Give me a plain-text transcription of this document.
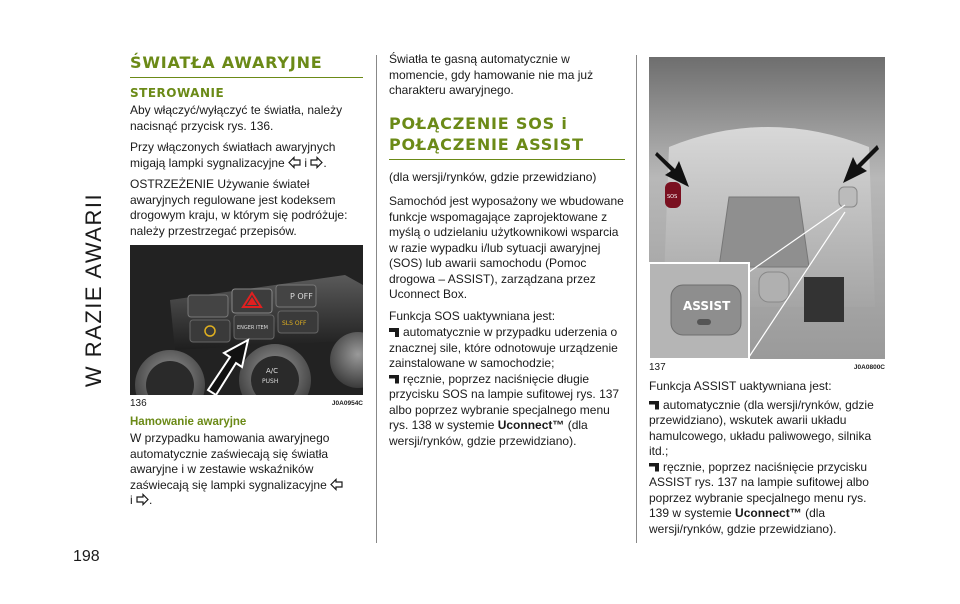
W RAZIE AWARII
198
ŚWIATŁA AWARYJNE
STEROWANIE

Aby włączyć/wyłączyć te światła, należy nacisnąć przycisk rys. 136.

Przy włączonych światłach awaryjnych migają lampki sygnalizacyjne  i .

OSTRZEŻENIE Używanie świateł awaryjnych regulowane jest kodeksem drogowym kraju, w którym się podróżuje: należy przestrzegać przepisów.

P OFF
ENGER ITEM
SLS OFF
A/C
PUSH
136	J0A0954C
Hamowanie awaryjne

W przypadku hamowania awaryjnego automatycznie zaświecają się światła awaryjne i w zestawie wskaźników zaświecają się lampki sygnalizacyjne
i .

Światła te gasną automatycznie w momencie, gdy hamowanie nie ma już charakteru awaryjnego.

POŁĄCZENIE SOS i POŁĄCZENIE ASSIST

(dla wersji/rynków, gdzie przewidziano)

Samochód jest wyposażony we wbudowane funkcje wspomagające zaprojektowane z myślą o udzielaniu użytkownikowi wsparcia w razie wypadku i/lub sytuacji awaryjnej (SOS) lub awarii samochodu (Pomoc drogowa – ASSIST), zarządzana przez Uconnect Box.

Funkcja SOS uaktywniana jest:

automatycznie w przypadku uderzenia o znacznej sile, które odnotowuje urządzenie zainstalowane w samochodzie;
ręcznie, poprzez naciśnięcie długie przycisku SOS na lampie sufitowej rys. 137 albo poprzez wybranie specjalnego menu rys. 138 w systemie Uconnect™ (dla wersji/rynków, gdzie przewidziano).
SOS
ASSIST
137	J0A0800C

Funkcja ASSIST uaktywniana jest:

automatycznie (dla wersji/rynków, gdzie przewidziano), wskutek awarii układu hamulcowego, układu paliwowego, silnika itd.;
ręcznie, poprzez naciśnięcie przycisku ASSIST rys. 137 na lampie sufitowej albo poprzez wybranie specjalnego menu rys. 139 w systemie Uconnect™ (dla wersji/rynków, gdzie przewidziano).
